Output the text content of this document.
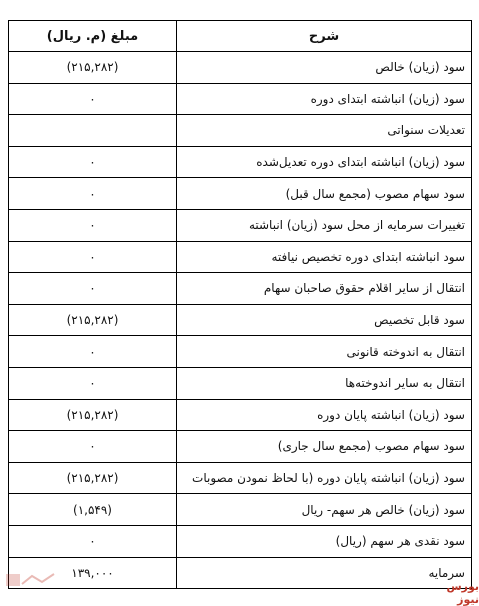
شرح	مبلغ (م. ریال)
سود (زیان) خالص	(۲۱۵,۲۸۲)
سود (زیان) انباشته ابتدای دوره	۰
تعدیلات سنواتی	
سود (زیان) انباشته ابتدای دوره تعدیل‌شده	۰
سود سهام مصوب (مجمع سال قبل)	۰
تغییرات سرمایه از محل سود (زیان) انباشته	۰
سود انباشته ابتدای دوره تخصیص نیافته	۰
انتقال از سایر اقلام حقوق صاحبان سهام	۰
سود قابل تخصیص	(۲۱۵,۲۸۲)
انتقال به اندوخته قانونی	۰
انتقال به سایر اندوخته‌ها	۰
سود (زیان) انباشته پایان دوره	(۲۱۵,۲۸۲)
سود سهام مصوب (مجمع سال جاری)	۰
سود (زیان) انباشته پایان دوره (با لحاظ نمودن مصوبات	(۲۱۵,۲۸۲)
سود (زیان) خالص هر سهم- ریال	(۱,۵۴۹)
سود نقدی هر سهم (ریال)	۰
سرمایه	۱۳۹,۰۰۰
بورس نیوز
